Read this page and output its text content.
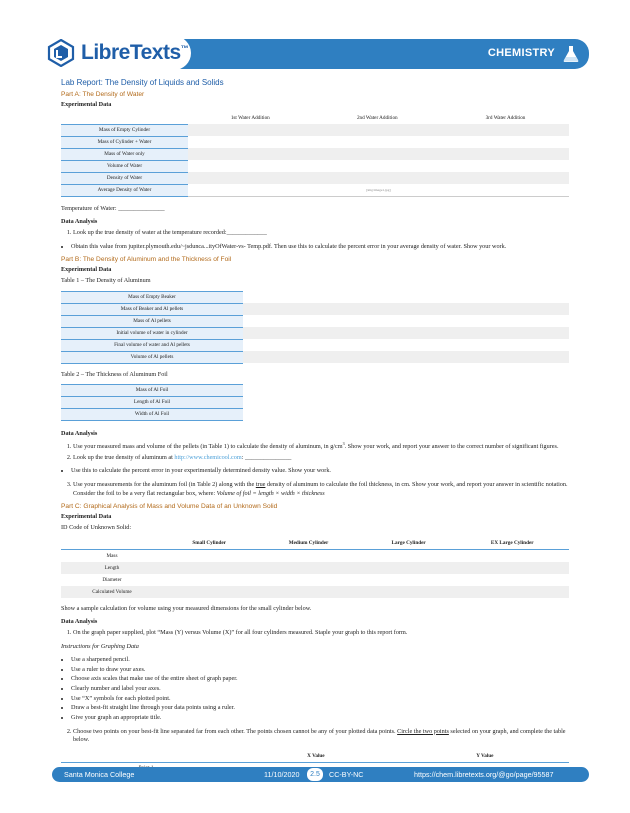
CHEMISTRY
LibreTexts™
Lab Report: The Density of Liquids and Solids
Part A: The Density of Water
Experimental Data
	1st Water Addition	2nd Water Addition	3rd Water Addition
Mass of Empty Cylinder			
Mass of Cylinder + Water			
Mass of Water only			
Volume of Water			
Density of Water			
Average Density of Water	[img/image1.jpg]		
Temperature of Water: _______________
Data Analysis
1. Look up the true density of water at the temperature recorded:_____________
• Obtain this value from jupiter.plymouth.edu/~jsdunca...ityOfWater-vs- Temp.pdf. Then use this to calculate the percent error in your average density of water. Show your work.
Part B: The Density of Aluminum and the Thickness of Foil
Experimental Data
Table 1 – The Density of Aluminum
Mass of Empty Beaker	
Mass of Beaker and Al pellets	
Mass of Al pellets	
Initial volume of water in cylinder	
Final volume of water and Al pellets	
Volume of Al pellets	
Table 2 – The Thickness of Aluminum Foil
Mass of Al Foil	
Length of Al Foil	
Width of Al Foil	
Data Analysis
1. Use your measured mass and volume of the pellets (in Table 1) to calculate the density of aluminum, in $g/cm^3$. Show your work, and report your answer to the correct number of significant figures.
2. Look up the true density of aluminum at http://www.chemicool.com: _______________
• Use this to calculate the percent error in your experimentally determined density value. Show your work.
3. Use your measurements for the aluminum foil (in Table 2) along with the true density of aluminum to calculate the foil thickness, in cm. Show your work, and report your answer in scientific notation. Consider the foil to be a very flat rectangular box, where: Volume of foil = length × width × thickness
Part C: Graphical Analysis of Mass and Volume Data of an Unknown Solid
Experimental Data
ID Code of Unknown Solid:
	Small Cylinder	Medium Cylinder	Large Cylinder	EX Large Cylinder
Mass				
Length				
Diameter				
Calculated Volume				
Show a sample calculation for volume using your measured dimensions for the small cylinder below.
Data Analysis
1. On the graph paper supplied, plot “Mass (Y) versus Volume (X)” for all four cylinders measured. Staple your graph to this report form.
Instructions for Graphing Data
• Use a sharpened pencil.
• Use a ruler to draw your axes.
• Choose axis scales that make use of the entire sheet of graph paper.
• Clearly number and label your axes.
• Use “X” symbols for each plotted point.
• Draw a best-fit straight line through your data points using a ruler.
• Give your graph an appropriate title.
2. Choose two points on your best-fit line separated far from each other. The points chosen cannot be any of your plotted data points. Circle the two points selected on your graph, and complete the table below.
	X Value	Y Value

Santa Monica College	11/10/2020	2.5	CC-BY-NC	https://chem.libretexts.org/@go/page/95587
